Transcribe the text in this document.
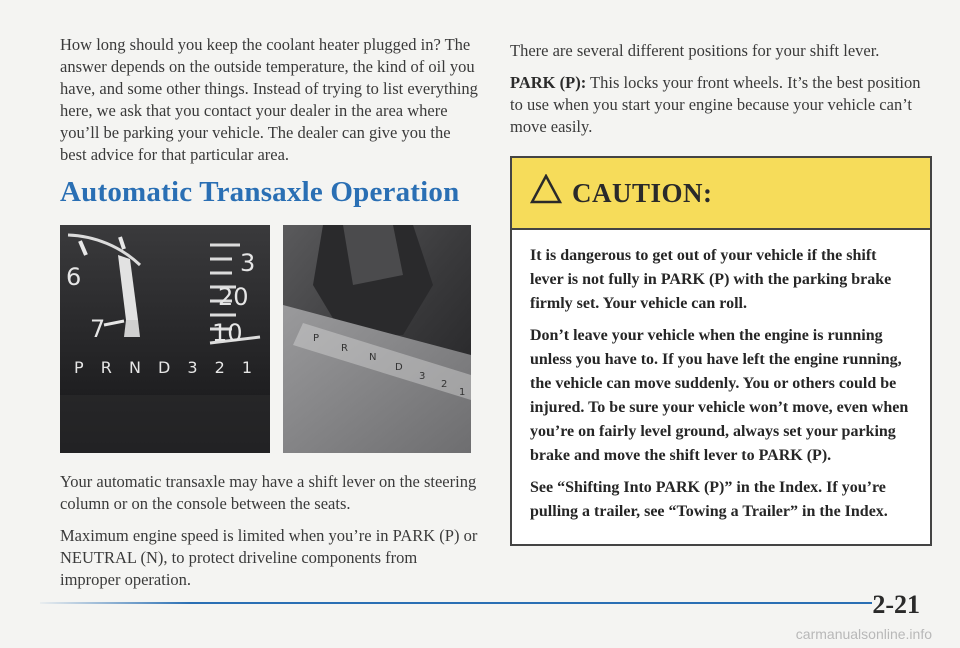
How long should you keep the coolant heater plugged in? The answer depends on the outside temperature, the kind of oil you have, and some other things. Instead of trying to list everything here, we ask that you contact your dealer in the area where you’ll be parking your vehicle. The dealer can give you the best advice for that particular area.

Automatic Transaxle Operation
6
7
3
20
10
P R N D 3 2 1
P
R
N
D
3
2
1

Your automatic transaxle may have a shift lever on the steering column or on the console between the seats.

Maximum engine speed is limited when you’re in PARK (P) or NEUTRAL (N), to protect driveline components from improper operation.

There are several different positions for your shift lever.

PARK (P): This locks your front wheels. It’s the best position to use when you start your engine because your vehicle can’t move easily.

CAUTION:

It is dangerous to get out of your vehicle if the shift lever is not fully in PARK (P) with the parking brake firmly set. Your vehicle can roll.

Don’t leave your vehicle when the engine is running unless you have to. If you have left the engine running, the vehicle can move suddenly. You or others could be injured. To be sure your vehicle won’t move, even when you’re on fairly level ground, always set your parking brake and move the shift lever to PARK (P).

See “Shifting Into PARK (P)” in the Index. If you’re pulling a trailer, see “Towing a Trailer” in the Index.

2-21
carmanualsonline.info
